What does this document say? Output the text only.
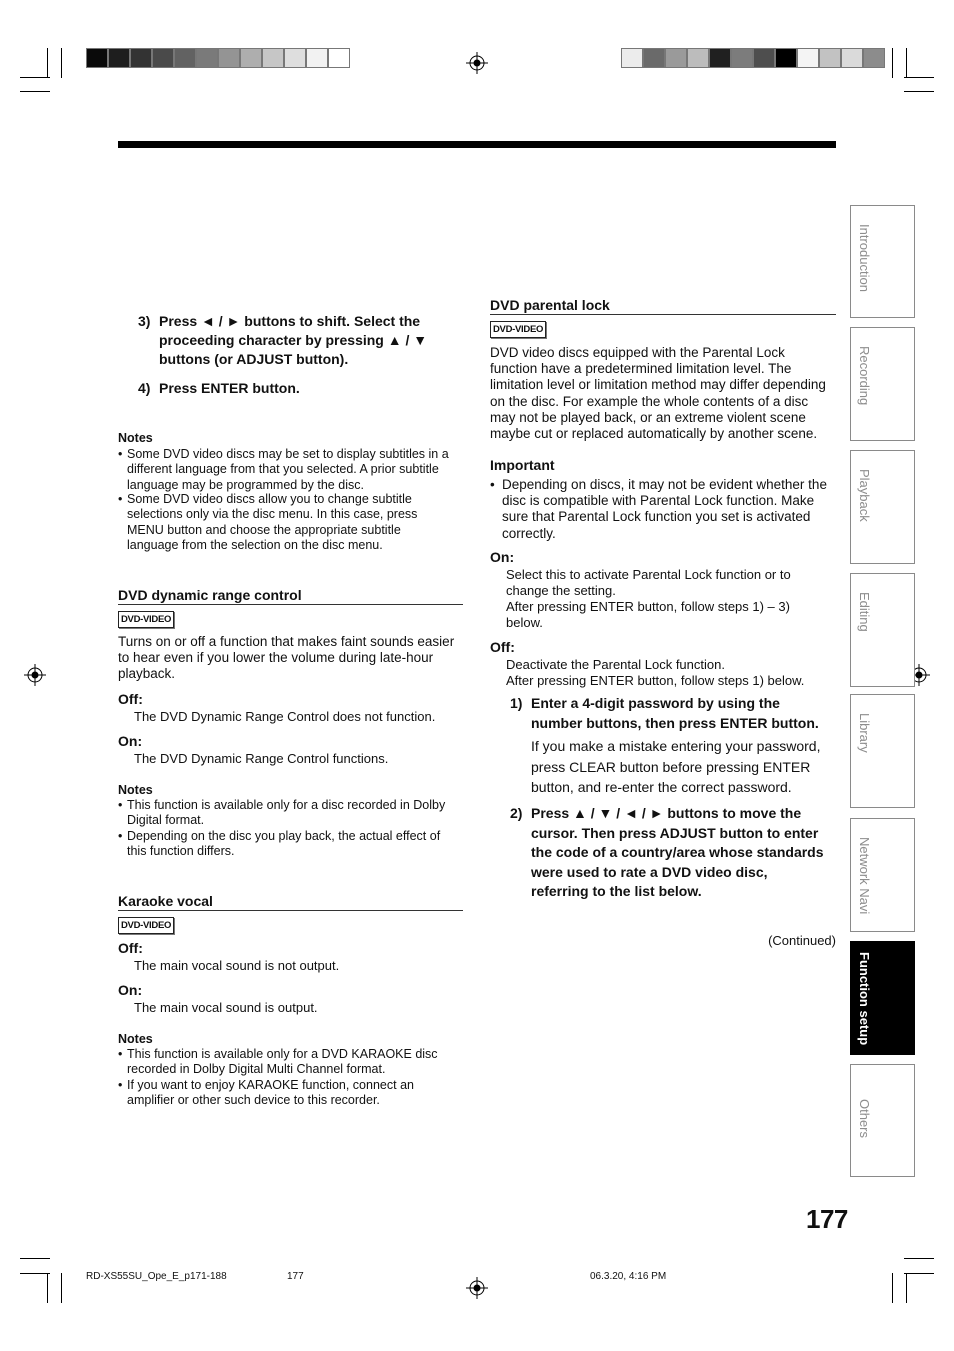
3) Press ◄ / ► buttons to shift. Select the
proceeding character by pressing ▲ / ▼
buttons (or ADJUST button).
4) Press ENTER button.
Notes
• Some DVD video discs may be set to display subtitles in a
different language from that you selected. A prior subtitle
language may be programmed by the disc.
• Some DVD video discs allow you to change subtitle
selections only via the disc menu. In this case, press
MENU button and choose the appropriate subtitle
language from the selection on the disc menu.
DVD dynamic range control
DVD-VIDEO
Turns on or off a function that makes faint sounds easier
to hear even if you lower the volume during late-hour
playback.
Off:
The DVD Dynamic Range Control does not function.
On:
The DVD Dynamic Range Control functions.
Notes
• This function is available only for a disc recorded in Dolby
Digital format.
• Depending on the disc you play back, the actual effect of
this function differs.
Karaoke vocal
DVD-VIDEO
Off:
The main vocal sound is not output.
On:
The main vocal sound is output.
Notes
• This function is available only for a DVD KARAOKE disc
recorded in Dolby Digital Multi Channel format.
• If you want to enjoy KARAOKE function, connect an
amplifier or other such device to this recorder.
DVD parental lock
DVD-VIDEO
DVD video discs equipped with the Parental Lock
function have a predetermined limitation level. The
limitation level or limitation method may differ depending
on the disc. For example the whole contents of a disc
may not be played back, or an extreme violent scene
maybe cut or replaced automatically by another scene.
Important
• Depending on discs, it may not be evident whether the
disc is compatible with Parental Lock function. Make
sure that Parental Lock function you set is activated
correctly.
On:
Select this to activate Parental Lock function or to
change the setting.
After pressing ENTER button, follow steps 1) – 3)
below.
Off:
Deactivate the Parental Lock function.
After pressing ENTER button, follow steps 1) below.
1) Enter a 4-digit password by using the
number buttons, then press ENTER button.
If you make a mistake entering your password,
press CLEAR button before pressing ENTER
button, and re-enter the correct password.
2) Press ▲ / ▼ / ◄ / ► buttons to move the
cursor. Then press ADJUST button to enter
the code of a country/area whose standards
were used to rate a DVD video disc,
referring to the list below.
(Continued)
Introduction
Recording
Playback
Editing
Library
Network Navi
Function setup
Others
177
RD-XS55SU_Ope_E_p171-188	177	06.3.20, 4:16 PM
